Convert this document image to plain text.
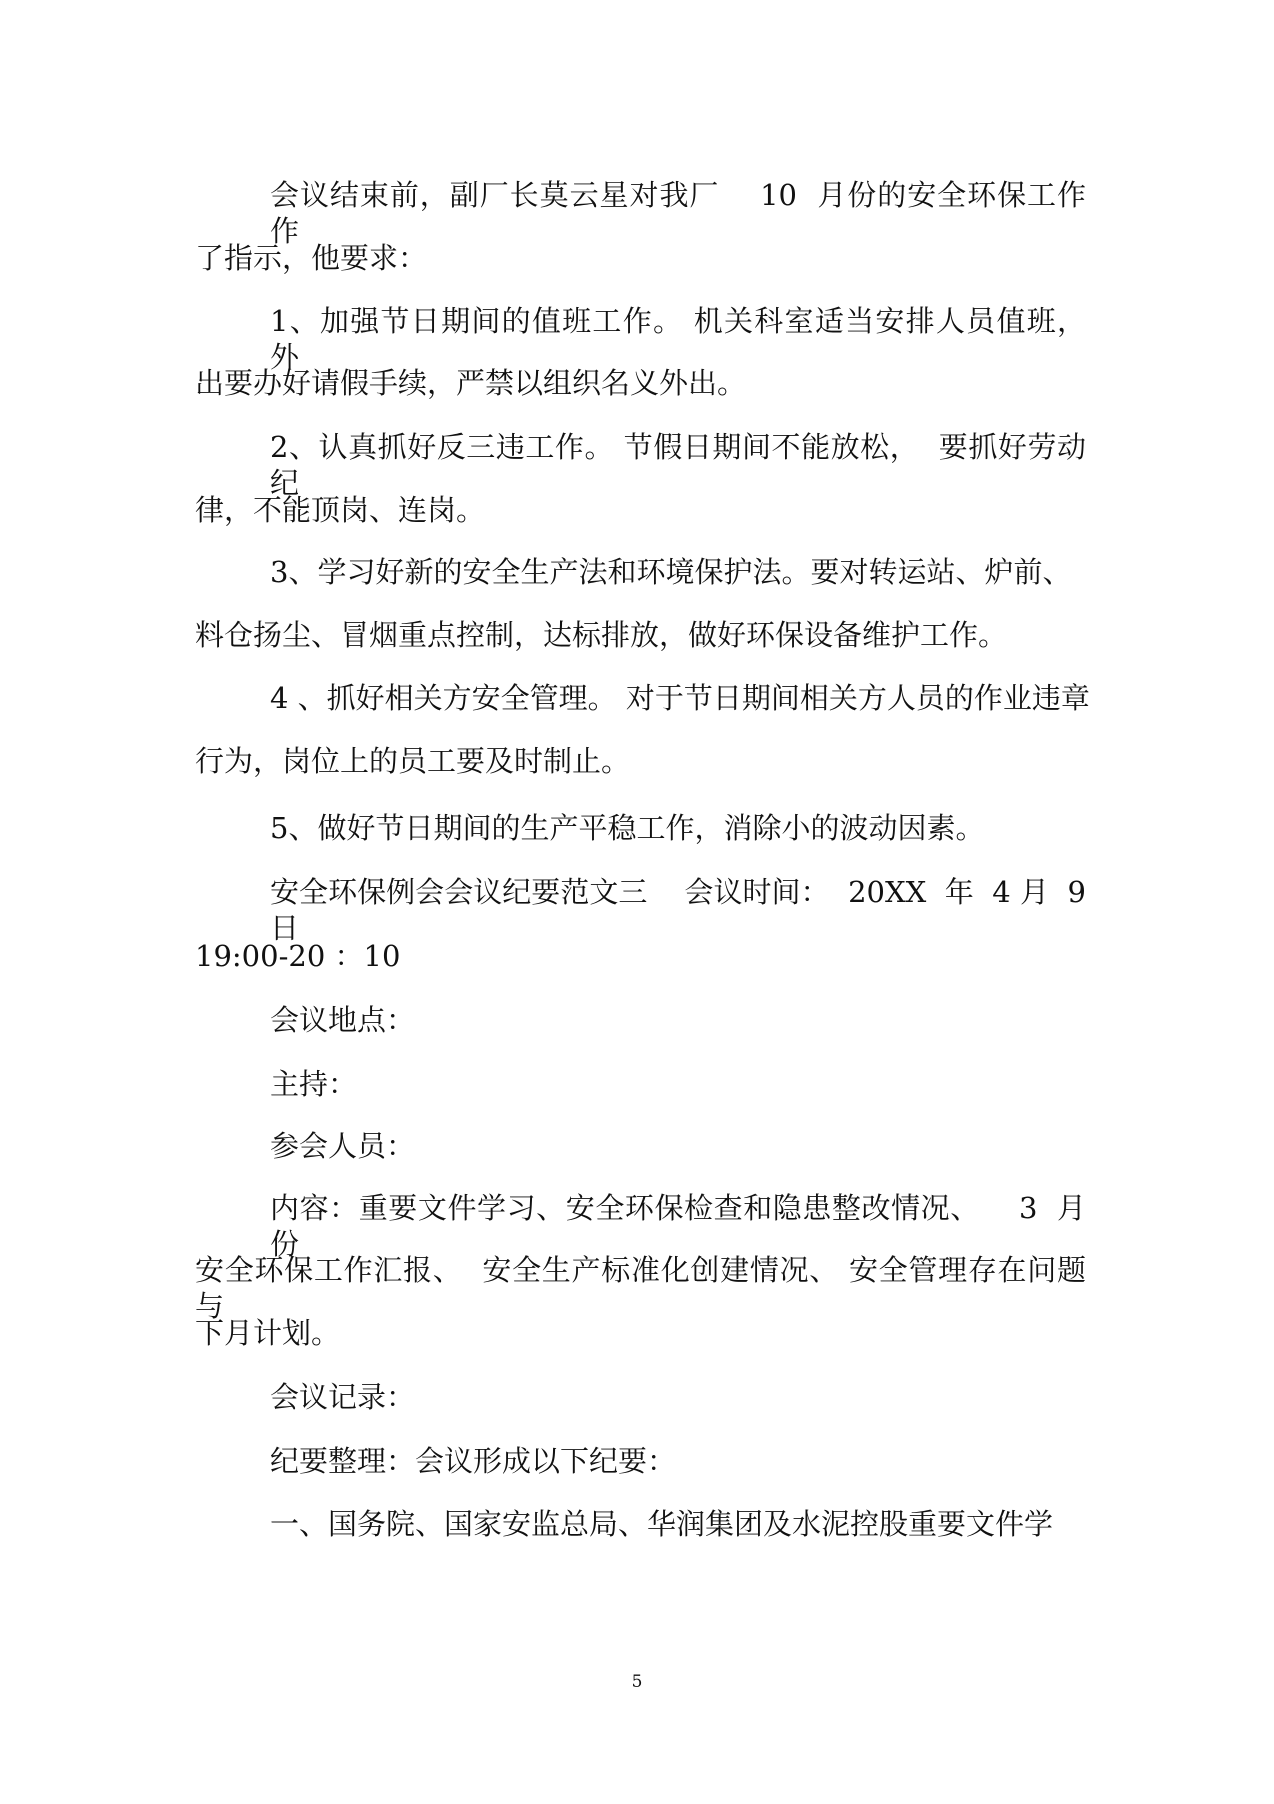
会议结束前，副厂长莫云星对我厂    10  月份的安全环保工作作
了指示，他要求：
1、加强节日期间的值班工作。 机关科室适当安排人员值班，  外
出要办好请假手续，严禁以组织名义外出。
2、认真抓好反三违工作。 节假日期间不能放松，  要抓好劳动纪
律，不能顶岗、连岗。
3、学习好新的安全生产法和环境保护法。要对转运站、炉前、
料仓扬尘、冒烟重点控制，达标排放，做好环保设备维护工作。
4 、抓好相关方安全管理。 对于节日期间相关方人员的作业违章
行为，岗位上的员工要及时制止。
5、做好节日期间的生产平稳工作，消除小的波动因素。
安全环保例会会议纪要范文三    会议时间：  20XX  年  4 月  9  日
19:00-20 ：10
会议地点：
主持：
参会人员：
内容：重要文件学习、安全环保检查和隐患整改情况、    3  月份
安全环保工作汇报、  安全生产标准化创建情况、 安全管理存在问题与
下月计划。
会议记录：
纪要整理：会议形成以下纪要：
一、国务院、国家安监总局、华润集团及水泥控股重要文件学
5
